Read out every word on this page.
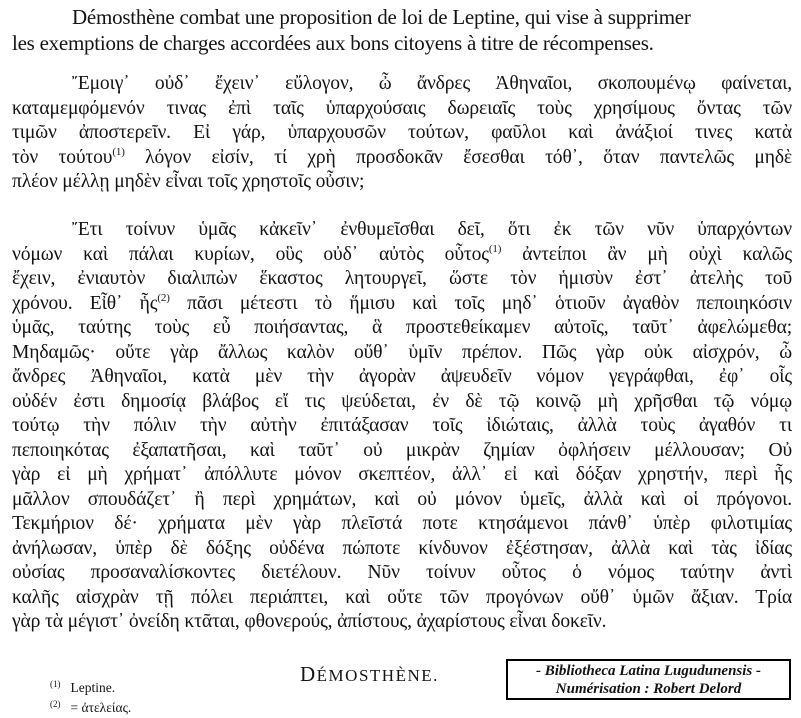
Démosthène combat une proposition de loi de Leptine, qui vise à supprimer
les exemptions de charges accordées aux bons citoyens à titre de récompenses.
Ἔμοιγ᾽ οὐδ᾽ ἔχειν᾽ εὔλογον, ὦ ἄνδρες Ἀθηναῖοι, σκοπουμένῳ φαίνεται,
καταμεμφόμενόν τινας ἐπὶ ταῖς ὑπαρχούσαις δωρειαῖς τοὺς χρησίμους ὄντας τῶν
τιμῶν ἀποστερεῖν. Εἰ γάρ, ὑπαρχουσῶν τούτων, φαῦλοι καὶ ἀνάξιοί τινες κατὰ
τὸν τούτου$^{(1)}$ λόγον εἰσίν, τί χρὴ προσδοκᾶν ἔσεσθαι τόθ᾽, ὅταν παντελῶς μηδὲ
πλέον μέλλῃ μηδὲν εἶναι τοῖς χρηστοῖς οὖσιν;
Ἔτι τοίνυν ὑμᾶς κἀκεῖν᾽ ἐνθυμεῖσθαι δεῖ, ὅτι ἐκ τῶν νῦν ὑπαρχόντων
νόμων καὶ πάλαι κυρίων, οὓς οὐδ᾽ αὐτὸς οὗτος$^{(1)}$ ἀντείποι ἂν μὴ οὐχὶ καλῶς
ἔχειν, ἐνιαυτὸν διαλιπὼν ἕκαστος λητουργεῖ, ὥστε τὸν ἡμισὺν ἐστ᾽ ἀτελὴς τοῦ
χρόνου. Εἶθ᾽ ἧς$^{(2)}$ πᾶσι μέτεστι τὸ ἥμισυ καὶ τοῖς μηδ᾽ ὁτιοῦν ἀγαθὸν πεποιηκόσιν
ὑμᾶς, ταύτης τοὺς εὖ ποιήσαντας, ἃ προστεθείκαμεν αὐτοῖς, ταῦτ᾽ ἀφελώμεθα;
Μηδαμῶς· οὔτε γὰρ ἄλλως καλὸν οὔθ᾽ ὑμῖν πρέπον. Πῶς γὰρ οὐκ αἰσχρόν, ὦ
ἄνδρες Ἀθηναῖοι, κατὰ μὲν τὴν ἀγορὰν ἀψευδεῖν νόμον γεγράφθαι, ἐφ᾽ οἷς
οὐδέν ἐστι δημοσίᾳ βλάβος εἴ τις ψεύδεται, ἐν δὲ τῷ κοινῷ μὴ χρῆσθαι τῷ νόμῳ
τούτῳ τὴν πόλιν τὴν αὐτὴν ἐπιτάξασαν τοῖς ἰδιώταις, ἀλλὰ τοὺς ἀγαθόν τι
πεποιηκότας ἐξαπατῆσαι, καὶ ταῦτ᾽ οὐ μικρὰν ζημίαν ὀφλήσειν μέλλουσαν; Οὐ
γὰρ εἰ μὴ χρήματ᾽ ἀπόλλυτε μόνον σκεπτέον, ἀλλ᾽ εἰ καὶ δόξαν χρηστήν, περὶ ἧς
μᾶλλον σπουδάζετ᾽ ἢ περὶ χρημάτων, καὶ οὐ μόνον ὑμεῖς, ἀλλὰ καὶ οἱ πρόγονοι.
Τεκμήριον δέ· χρήματα μὲν γὰρ πλεῖστά ποτε κτησάμενοι πάνθ᾽ ὑπὲρ φιλοτιμίας
ἀνήλωσαν, ὑπὲρ δὲ δόξης οὐδένα πώποτε κίνδυνον ἐξέστησαν, ἀλλὰ καὶ τὰς ἰδίας
οὐσίας προσαναλίσκοντες διετέλουν. Νῦν τοίνυν οὗτος ὁ νόμος ταύτην ἀντὶ
καλῆς αἰσχρὰν τῇ πόλει περιάπτει, καὶ οὔτε τῶν προγόνων οὔθ᾽ ὑμῶν ἄξιαν. Τρία
γὰρ τὰ μέγιστ᾽ ὀνείδη κτᾶται, φθονερούς, ἀπίστους, ἀχαρίστους εἶναι δοκεῖν.
DÉMOSTHÈNE.
$^{(1)}$ Leptine.
$^{(2)}$ = ἀτελείας.
- Bibliotheca Latina Lugudunensis -
Numérisation : Robert Delord
